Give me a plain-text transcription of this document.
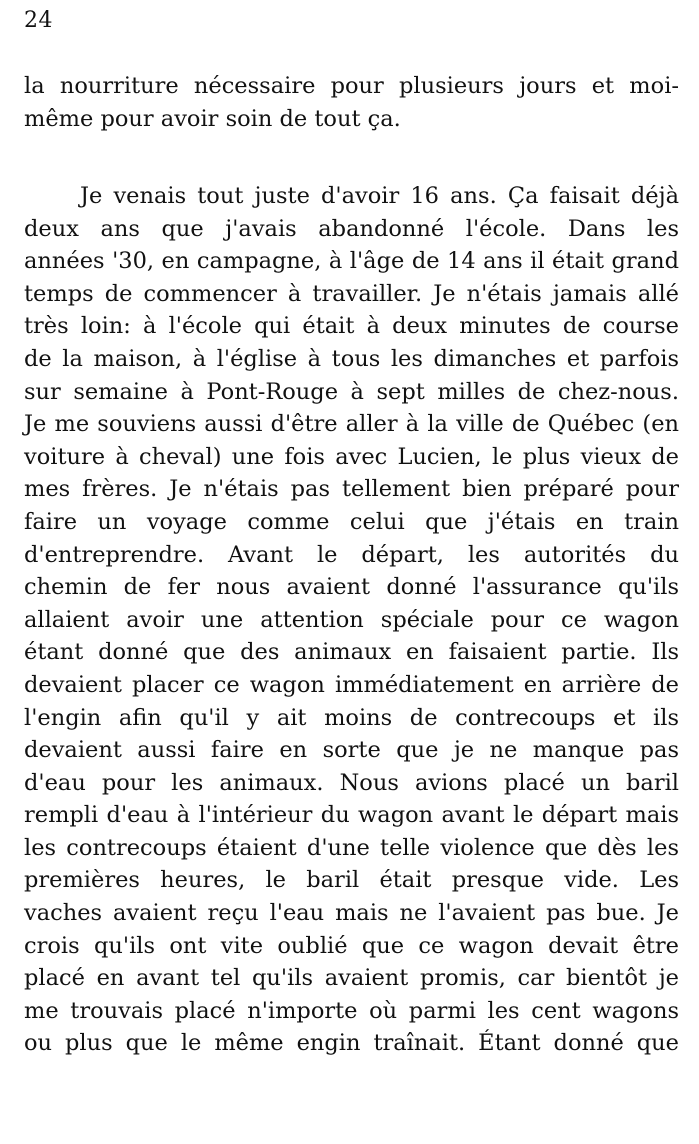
24
la nourriture nécessaire pour plusieurs jours et moi-
même pour avoir soin de tout ça.
Je venais tout juste d'avoir 16 ans. Ça faisait déjà
deux ans que j'avais abandonné l'école. Dans les
années '30, en campagne, à l'âge de 14 ans il était grand
temps de commencer à travailler. Je n'étais jamais allé
très loin: à l'école qui était à deux minutes de course
de la maison, à l'église à tous les dimanches et parfois
sur semaine à Pont-Rouge à sept milles de chez-nous.
Je me souviens aussi d'être aller à la ville de Québec (en
voiture à cheval) une fois avec Lucien, le plus vieux de
mes frères. Je n'étais pas tellement bien préparé pour
faire un voyage comme celui que j'étais en train
d'entreprendre. Avant le départ, les autorités du
chemin de fer nous avaient donné l'assurance qu'ils
allaient avoir une attention spéciale pour ce wagon
étant donné que des animaux en faisaient partie. Ils
devaient placer ce wagon immédiatement en arrière de
l'engin afin qu'il y ait moins de contrecoups et ils
devaient aussi faire en sorte que je ne manque pas
d'eau pour les animaux. Nous avions placé un baril
rempli d'eau à l'intérieur du wagon avant le départ mais
les contrecoups étaient d'une telle violence que dès les
premières heures, le baril était presque vide. Les
vaches avaient reçu l'eau mais ne l'avaient pas bue. Je
crois qu'ils ont vite oublié que ce wagon devait être
placé en avant tel qu'ils avaient promis, car bientôt je
me trouvais placé n'importe où parmi les cent wagons
ou plus que le même engin traînait. Étant donné que
